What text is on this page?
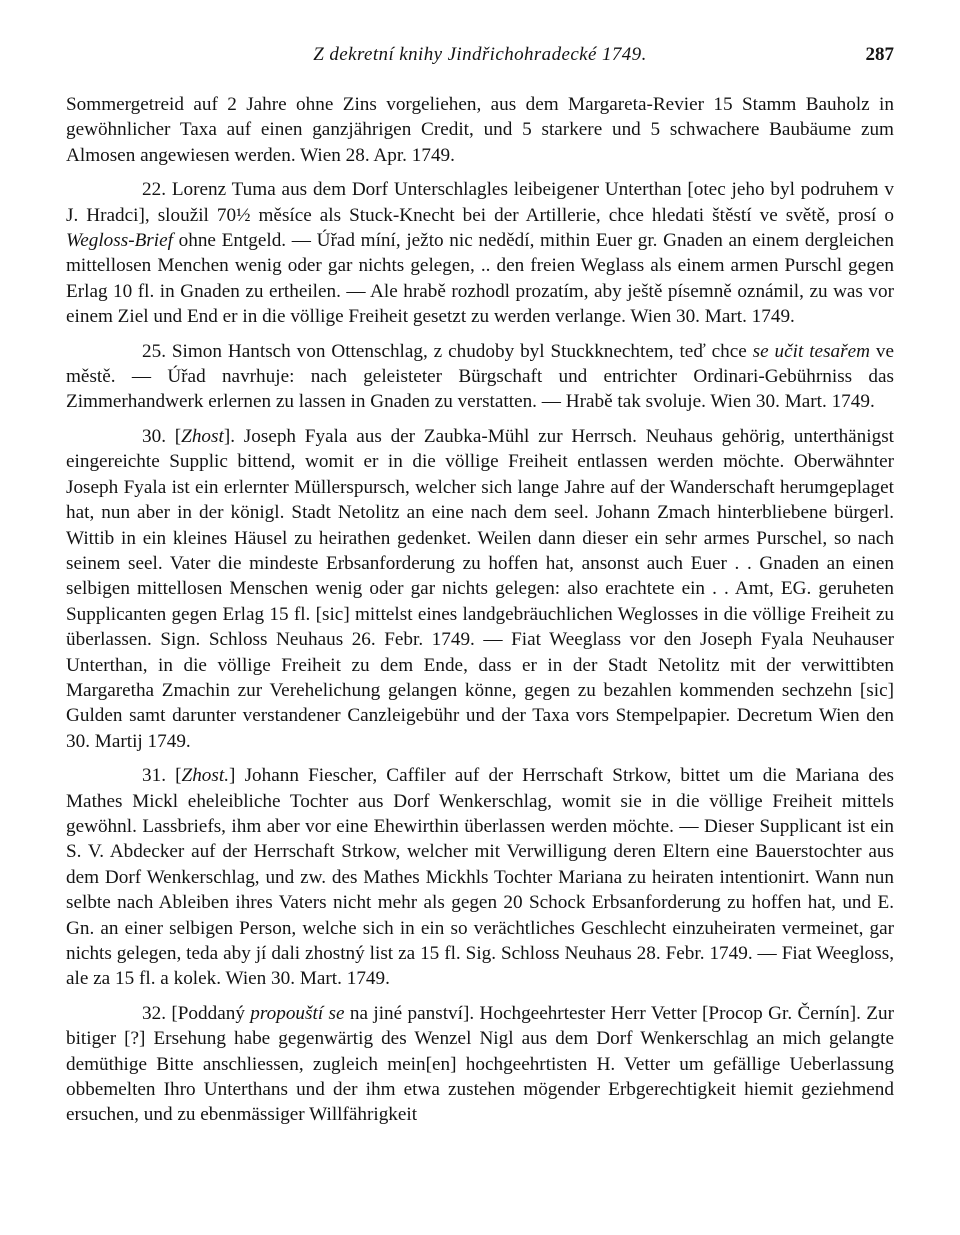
Z dekretní knihy Jindřichohradecké 1749.	287

Sommergetreid auf 2 Jahre ohne Zins vorgeliehen, aus dem Margareta-Revier 15 Stamm Bauholz in gewöhnlicher Taxa auf einen ganzjährigen Credit, und 5 starkere und 5 schwachere Baubäume zum Almosen angewiesen werden. Wien 28. Apr. 1749.

22. Lorenz Tuma aus dem Dorf Unterschlagles leibeigener Unterthan [otec jeho byl podruhem v J. Hradci], sloužil 70½ měsíce als Stuck-Knecht bei der Artillerie, chce hledati štěstí ve světě, prosí o Wegloss-Brief ohne Entgeld. — Úřad míní, ježto nic nedědí, mithin Euer gr. Gnaden an einem dergleichen mittellosen Menchen wenig oder gar nichts gelegen, .. den freien Weglass als einem armen Purschl gegen Erlag 10 fl. in Gnaden zu ertheilen. — Ale hrabě rozhodl prozatím, aby ještě písemně oznámil, zu was vor einem Ziel und End er in die völlige Freiheit gesetzt zu werden verlange. Wien 30. Mart. 1749.

25. Simon Hantsch von Ottenschlag, z chudoby byl Stuckknechtem, teď chce se učit tesařem ve městě. — Úřad navrhuje: nach geleisteter Bürgschaft und entrichter Ordinari-Gebührniss das Zimmerhandwerk erlernen zu lassen in Gnaden zu verstatten. — Hrabě tak svoluje. Wien 30. Mart. 1749.

30. [Zhost]. Joseph Fyala aus der Zaubka-Mühl zur Herrsch. Neuhaus gehörig, unterthänigst eingereichte Supplic bittend, womit er in die völlige Freiheit entlassen werden möchte. Oberwähnter Joseph Fyala ist ein erlernter Müllerspursch, welcher sich lange Jahre auf der Wanderschaft herumgeplaget hat, nun aber in der königl. Stadt Netolitz an eine nach dem seel. Johann Zmach hinterbliebene bürgerl. Wittib in ein kleines Häusel zu heirathen gedenket. Weilen dann dieser ein sehr armes Purschel, so nach seinem seel. Vater die mindeste Erbsanforderung zu hoffen hat, ansonst auch Euer . . Gnaden an einen selbigen mittellosen Menschen wenig oder gar nichts gelegen: also erachtete ein . . Amt, EG. geruheten Supplicanten gegen Erlag 15 fl. [sic] mittelst eines landgebräuchlichen Weglosses in die völlige Freiheit zu überlassen. Sign. Schloss Neuhaus 26. Febr. 1749. — Fiat Weeglass vor den Joseph Fyala Neuhauser Unterthan, in die völlige Freiheit zu dem Ende, dass er in der Stadt Netolitz mit der verwittibten Margaretha Zmachin zur Verehelichung gelangen könne, gegen zu bezahlen kommenden sechzehn [sic] Gulden samt darunter verstandener Canzleigebühr und der Taxa vors Stempelpapier. Decretum Wien den 30. Martij 1749.

31. [Zhost.] Johann Fiescher, Caffiler auf der Herrschaft Strkow, bittet um die Mariana des Mathes Mickl eheleibliche Tochter aus Dorf Wenkerschlag, womit sie in die völlige Freiheit mittels gewöhnl. Lassbriefs, ihm aber vor eine Ehewirthin überlassen werden möchte. — Dieser Supplicant ist ein S. V. Abdecker auf der Herrschaft Strkow, welcher mit Verwilligung deren Eltern eine Bauerstochter aus dem Dorf Wenkerschlag, und zw. des Mathes Mickhls Tochter Mariana zu heiraten intentionirt. Wann nun selbte nach Ableiben ihres Vaters nicht mehr als gegen 20 Schock Erbsanforderung zu hoffen hat, und E. Gn. an einer selbigen Person, welche sich in ein so verächtliches Geschlecht einzuheiraten vermeinet, gar nichts gelegen, teda aby jí dali zhostný list za 15 fl. Sig. Schloss Neuhaus 28. Febr. 1749. — Fiat Weegloss, ale za 15 fl. a kolek. Wien 30. Mart. 1749.

32. [Poddaný propouští se na jiné panství]. Hochgeehrtester Herr Vetter [Procop Gr. Černín]. Zur bitiger [?] Ersehung habe gegenwärtig des Wenzel Nigl aus dem Dorf Wenkerschlag an mich gelangte demüthige Bitte anschliessen, zugleich mein[en] hochgeehrtisten H. Vetter um gefällige Ueberlassung obbemelten Ihro Unterthans und der ihm etwa zustehen mögender Erbgerechtigkeit hiemit geziehmend ersuchen, und zu ebenmässiger Willfährigkeit
